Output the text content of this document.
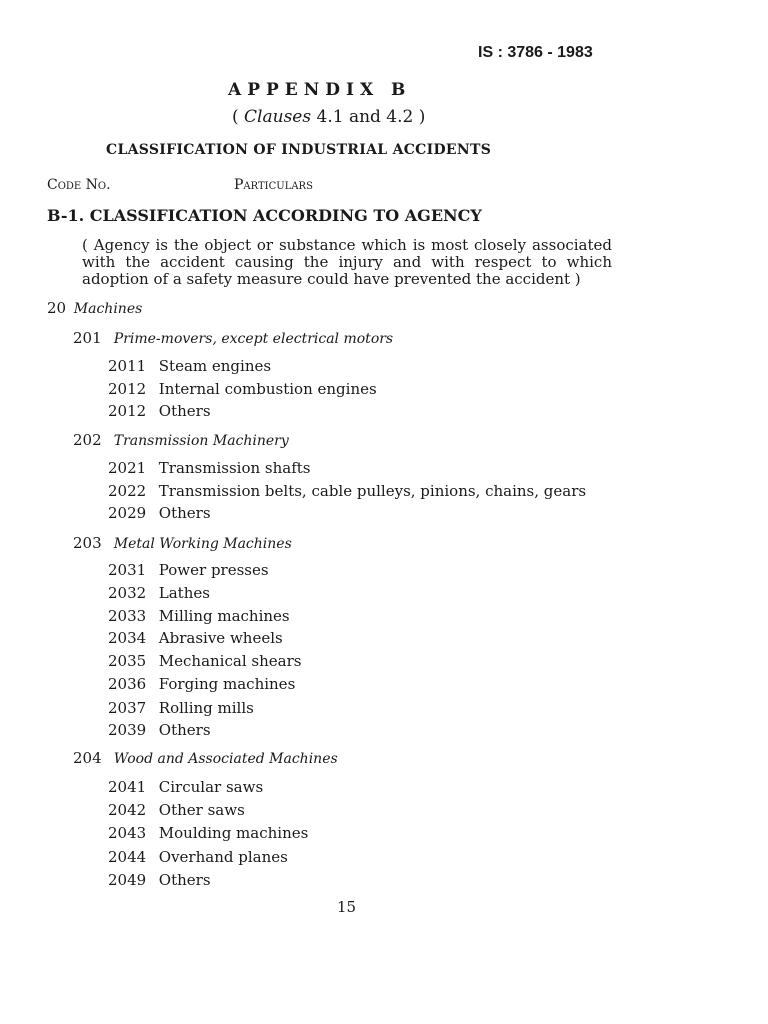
IS : 3786 - 1983
APPENDIX B
( Clauses 4.1 and 4.2 )
CLASSIFICATION OF INDUSTRIAL ACCIDENTS
Code No.	Particulars
B-1. CLASSIFICATION ACCORDING TO AGENCY
( Agency is the object or substance which is most closely associated with the accident causing the injury and with respect to which adoption of a safety measure could have prevented the accident )
20 Machines
201 Prime-movers, except electrical motors
2011 Steam engines
2012 Internal combustion engines
2012 Others
202 Transmission Machinery
2021 Transmission shafts
2022 Transmission belts, cable pulleys, pinions, chains, gears
2029 Others
203 Metal Working Machines
2031 Power presses
2032 Lathes
2033 Milling machines
2034 Abrasive wheels
2035 Mechanical shears
2036 Forging machines
2037 Rolling mills
2039 Others
204 Wood and Associated Machines
2041 Circular saws
2042 Other saws
2043 Moulding machines
2044 Overhand planes
2049 Others
15
